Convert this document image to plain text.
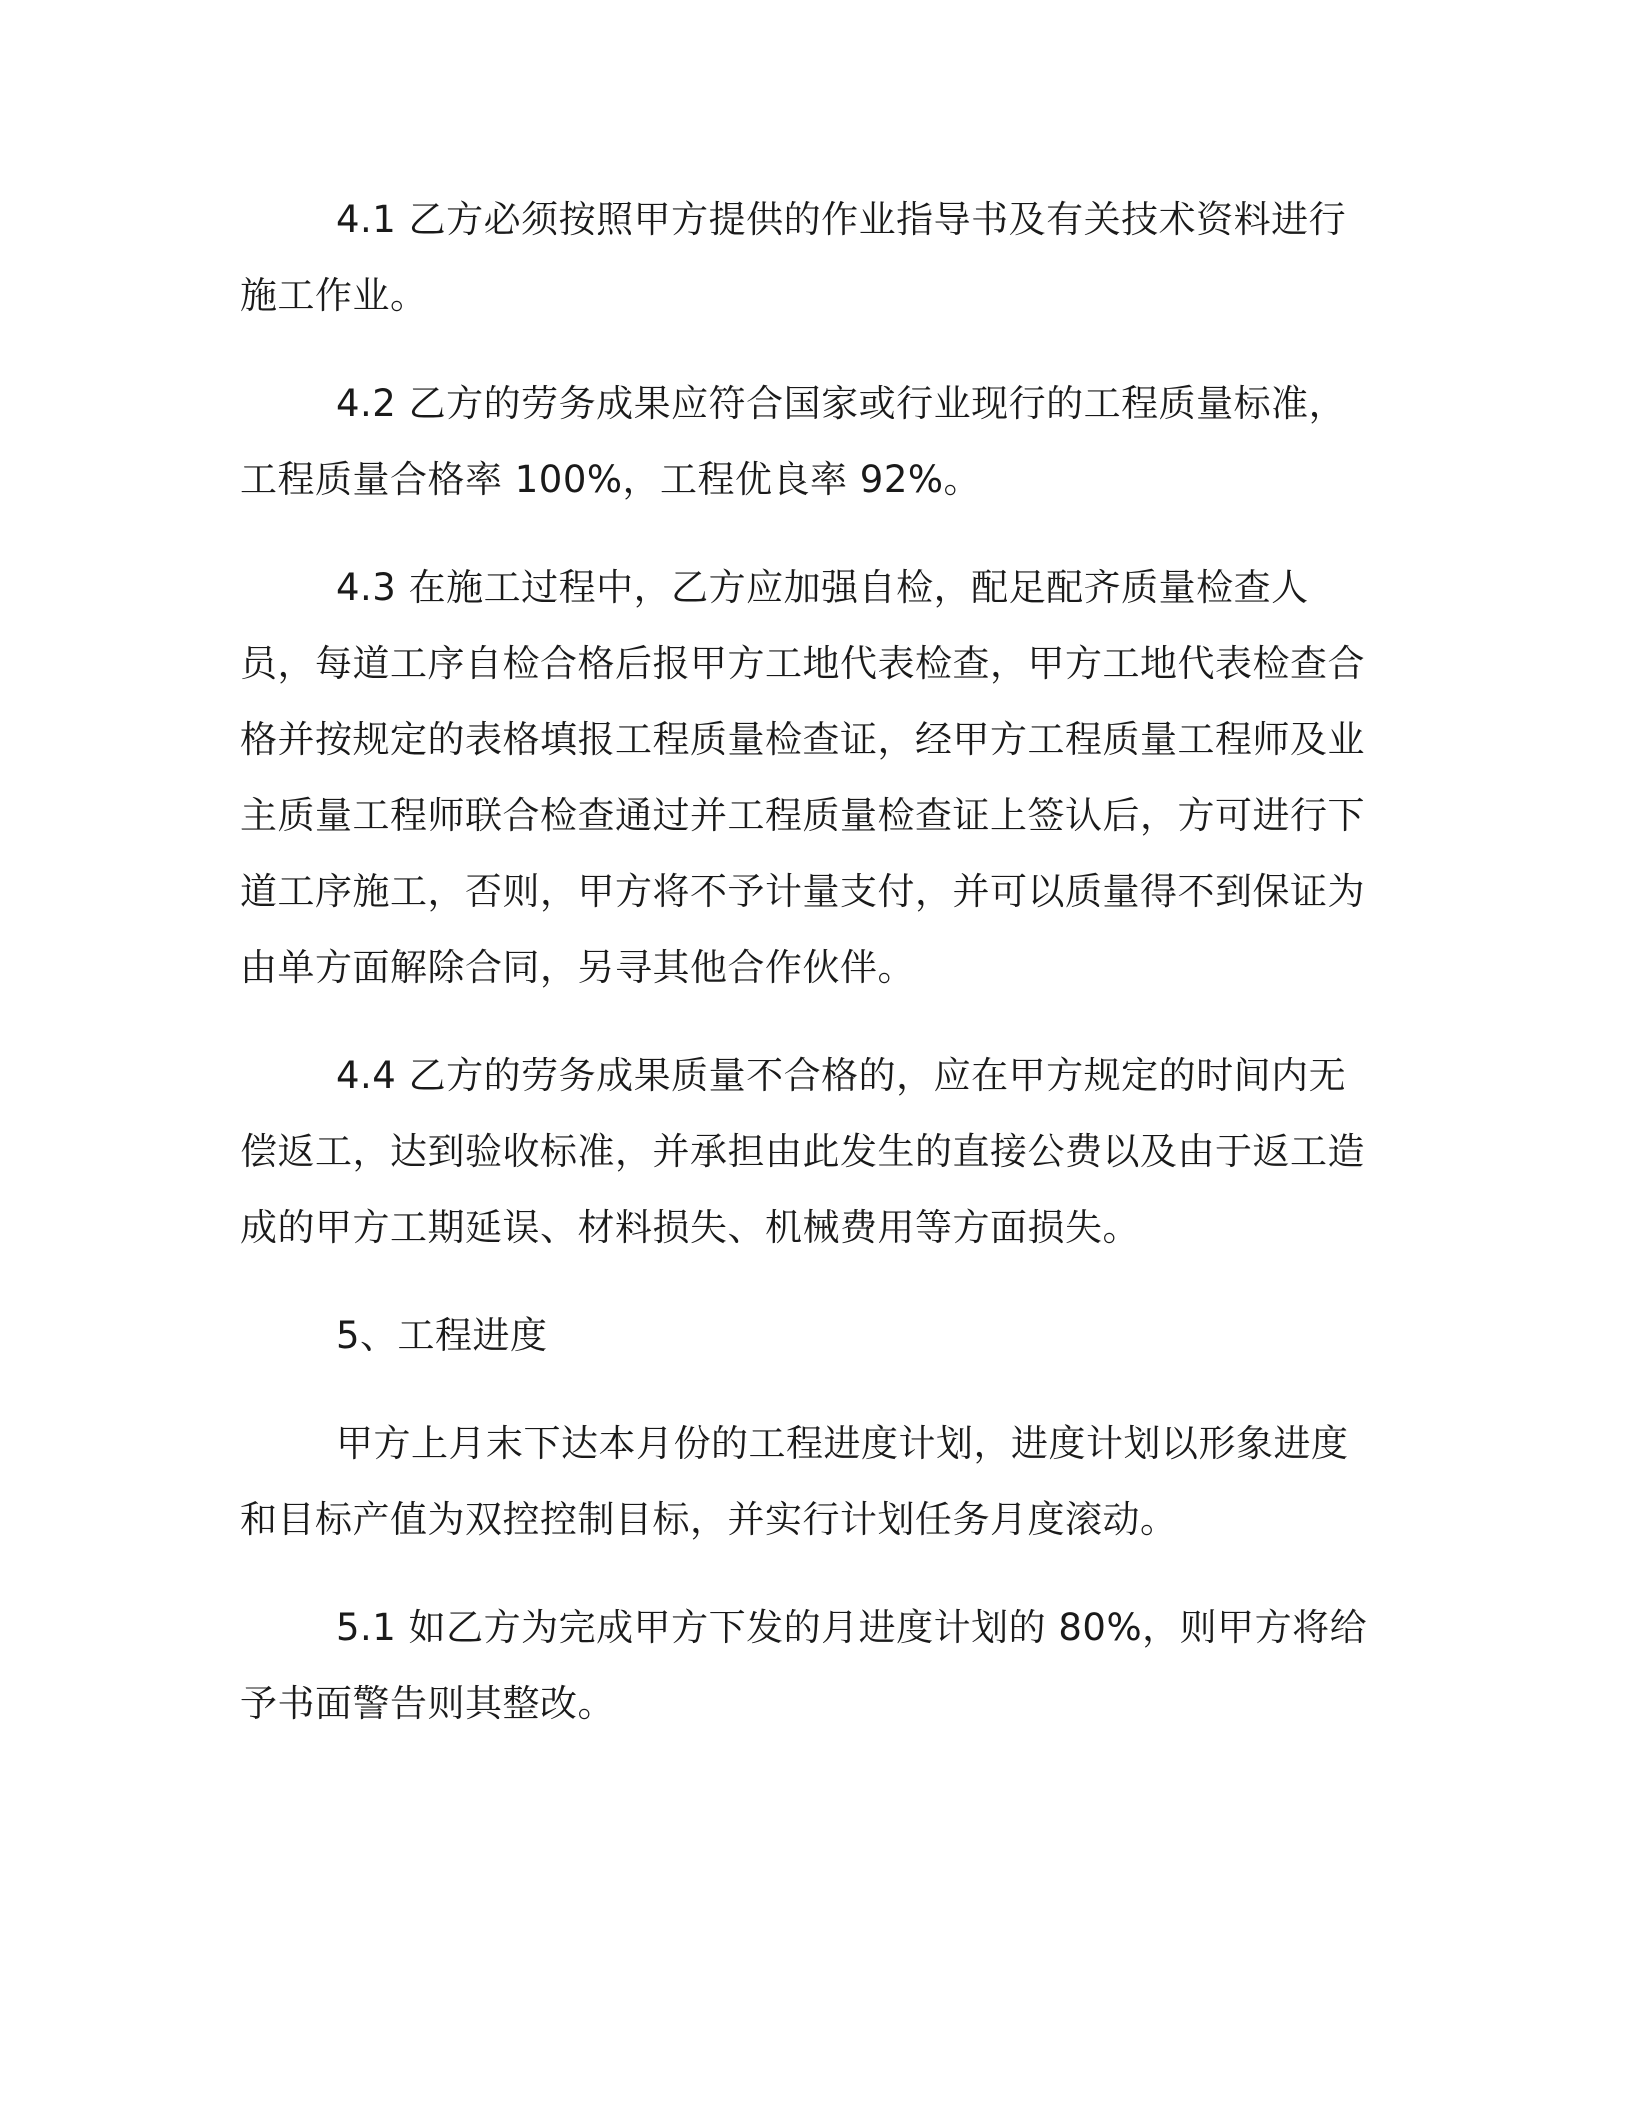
4.1 乙方必须按照甲方提供的作业指导书及有关技术资料进行施工作业。

4.2 乙方的劳务成果应符合国家或行业现行的工程质量标准，工程质量合格率 100%，工程优良率 92%。

4.3 在施工过程中，乙方应加强自检，配足配齐质量检查人员，每道工序自检合格后报甲方工地代表检查，甲方工地代表检查合格并按规定的表格填报工程质量检查证，经甲方工程质量工程师及业主质量工程师联合检查通过并工程质量检查证上签认后，方可进行下道工序施工，否则，甲方将不予计量支付，并可以质量得不到保证为由单方面解除合同，另寻其他合作伙伴。

4.4 乙方的劳务成果质量不合格的，应在甲方规定的时间内无偿返工，达到验收标准，并承担由此发生的直接公费以及由于返工造成的甲方工期延误、材料损失、机械费用等方面损失。

5、工程进度

甲方上月末下达本月份的工程进度计划，进度计划以形象进度和目标产值为双控控制目标，并实行计划任务月度滚动。

5.1 如乙方为完成甲方下发的月进度计划的 80%，则甲方将给予书面警告则其整改。
